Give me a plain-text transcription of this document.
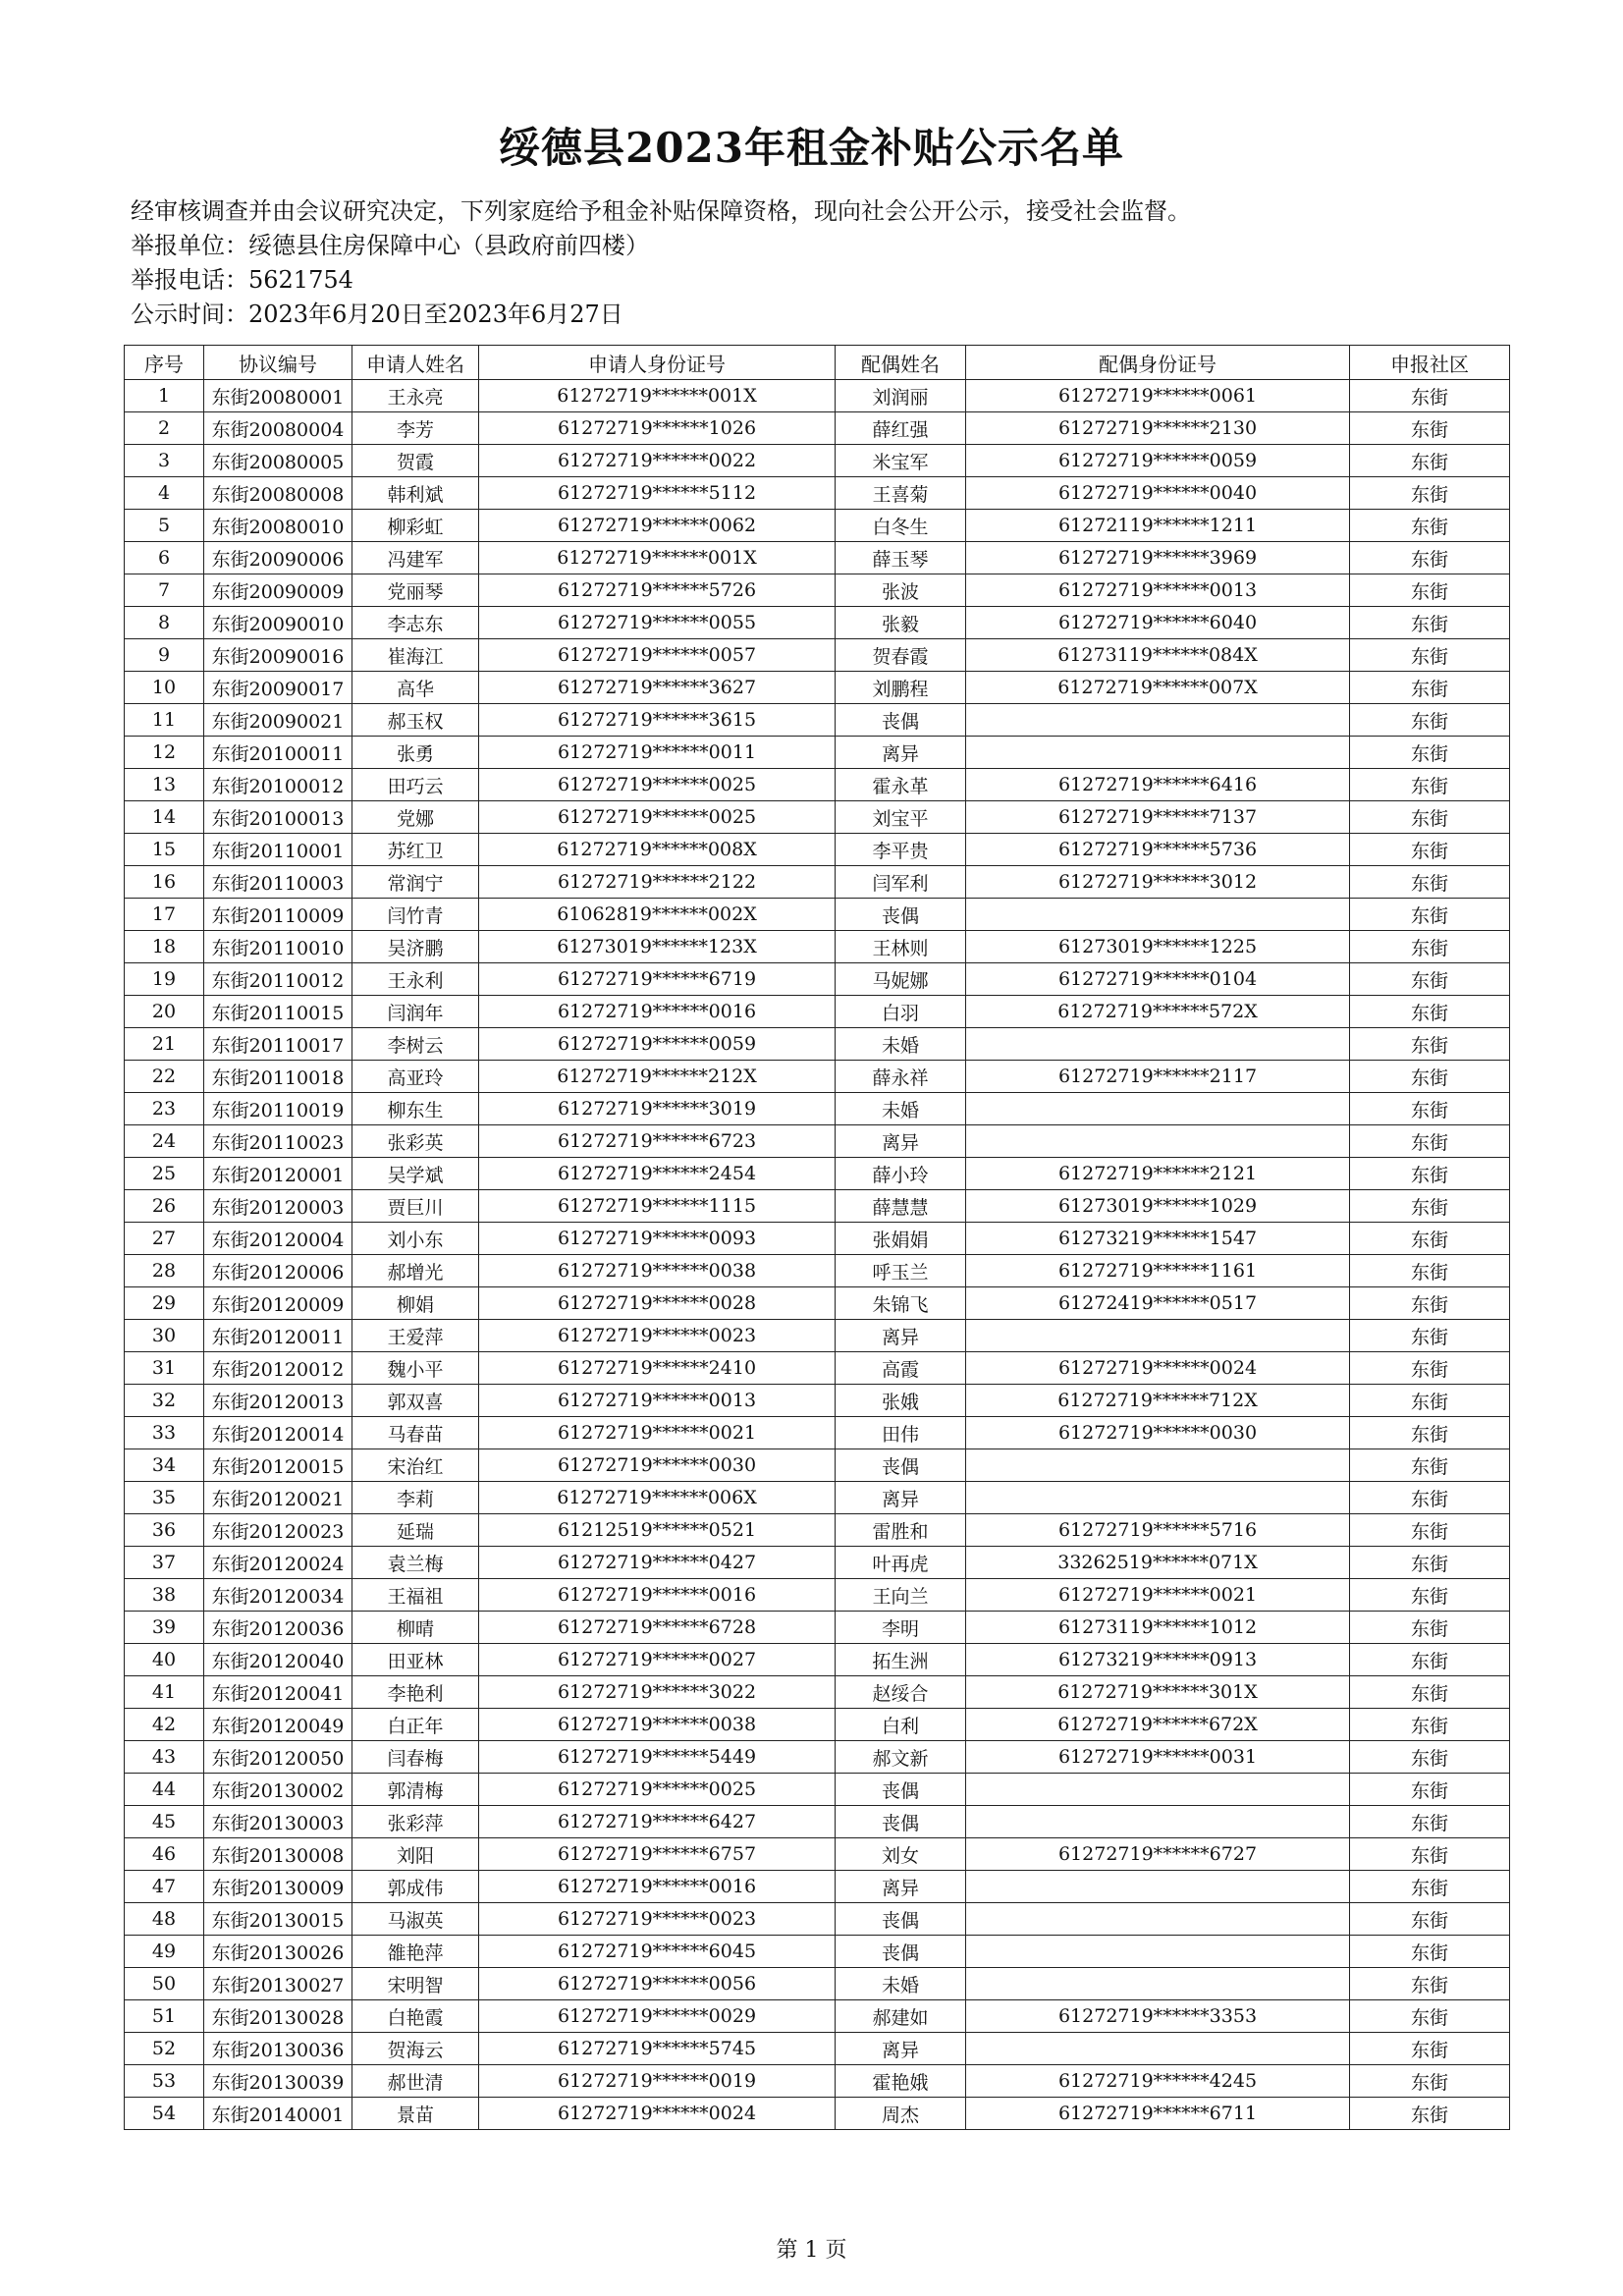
绥德县2023年租金补贴公示名单
经审核调查并由会议研究决定，下列家庭给予租金补贴保障资格，现向社会公开公示，接受社会监督。
举报单位：绥德县住房保障中心（县政府前四楼）
举报电话：5621754
公示时间：2023年6月20日至2023年6月27日
序号	协议编号	申请人姓名	申请人身份证号	配偶姓名	配偶身份证号	申报社区
1	东街20080001	王永亮	61272719******001X	刘润丽	61272719******0061	东街
2	东街20080004	李芳	61272719******1026	薛红强	61272719******2130	东街
3	东街20080005	贺霞	61272719******0022	米宝军	61272719******0059	东街
4	东街20080008	韩利斌	61272719******5112	王喜菊	61272719******0040	东街
5	东街20080010	柳彩虹	61272719******0062	白冬生	61272119******1211	东街
6	东街20090006	冯建军	61272719******001X	薛玉琴	61272719******3969	东街
7	东街20090009	党丽琴	61272719******5726	张波	61272719******0013	东街
8	东街20090010	李志东	61272719******0055	张毅	61272719******6040	东街
9	东街20090016	崔海江	61272719******0057	贺春霞	61273119******084X	东街
10	东街20090017	高华	61272719******3627	刘鹏程	61272719******007X	东街
11	东街20090021	郝玉权	61272719******3615	丧偶		东街
12	东街20100011	张勇	61272719******0011	离异		东街
13	东街20100012	田巧云	61272719******0025	霍永革	61272719******6416	东街
14	东街20100013	党娜	61272719******0025	刘宝平	61272719******7137	东街
15	东街20110001	苏红卫	61272719******008X	李平贵	61272719******5736	东街
16	东街20110003	常润宁	61272719******2122	闫军利	61272719******3012	东街
17	东街20110009	闫竹青	61062819******002X	丧偶		东街
18	东街20110010	吴济鹏	61273019******123X	王林则	61273019******1225	东街
19	东街20110012	王永利	61272719******6719	马妮娜	61272719******0104	东街
20	东街20110015	闫润年	61272719******0016	白羽	61272719******572X	东街
21	东街20110017	李树云	61272719******0059	未婚		东街
22	东街20110018	高亚玲	61272719******212X	薛永祥	61272719******2117	东街
23	东街20110019	柳东生	61272719******3019	未婚		东街
24	东街20110023	张彩英	61272719******6723	离异		东街
25	东街20120001	吴学斌	61272719******2454	薛小玲	61272719******2121	东街
26	东街20120003	贾巨川	61272719******1115	薛慧慧	61273019******1029	东街
27	东街20120004	刘小东	61272719******0093	张娟娟	61273219******1547	东街
28	东街20120006	郝增光	61272719******0038	呼玉兰	61272719******1161	东街
29	东街20120009	柳娟	61272719******0028	朱锦飞	61272419******0517	东街
30	东街20120011	王爱萍	61272719******0023	离异		东街
31	东街20120012	魏小平	61272719******2410	高霞	61272719******0024	东街
32	东街20120013	郭双喜	61272719******0013	张娥	61272719******712X	东街
33	东街20120014	马春苗	61272719******0021	田伟	61272719******0030	东街
34	东街20120015	宋治红	61272719******0030	丧偶		东街
35	东街20120021	李莉	61272719******006X	离异		东街
36	东街20120023	延瑞	61212519******0521	雷胜和	61272719******5716	东街
37	东街20120024	袁兰梅	61272719******0427	叶再虎	33262519******071X	东街
38	东街20120034	王福祖	61272719******0016	王向兰	61272719******0021	东街
39	东街20120036	柳晴	61272719******6728	李明	61273119******1012	东街
40	东街20120040	田亚林	61272719******0027	拓生洲	61273219******0913	东街
41	东街20120041	李艳利	61272719******3022	赵绥合	61272719******301X	东街
42	东街20120049	白正年	61272719******0038	白利	61272719******672X	东街
43	东街20120050	闫春梅	61272719******5449	郝文新	61272719******0031	东街
44	东街20130002	郭清梅	61272719******0025	丧偶		东街
45	东街20130003	张彩萍	61272719******6427	丧偶		东街
46	东街20130008	刘阳	61272719******6757	刘女	61272719******6727	东街
47	东街20130009	郭成伟	61272719******0016	离异		东街
48	东街20130015	马淑英	61272719******0023	丧偶		东街
49	东街20130026	雒艳萍	61272719******6045	丧偶		东街
50	东街20130027	宋明智	61272719******0056	未婚		东街
51	东街20130028	白艳霞	61272719******0029	郝建如	61272719******3353	东街
52	东街20130036	贺海云	61272719******5745	离异		东街
53	东街20130039	郝世清	61272719******0019	霍艳娥	61272719******4245	东街
54	东街20140001	景苗	61272719******0024	周杰	61272719******6711	东街
第 1 页
